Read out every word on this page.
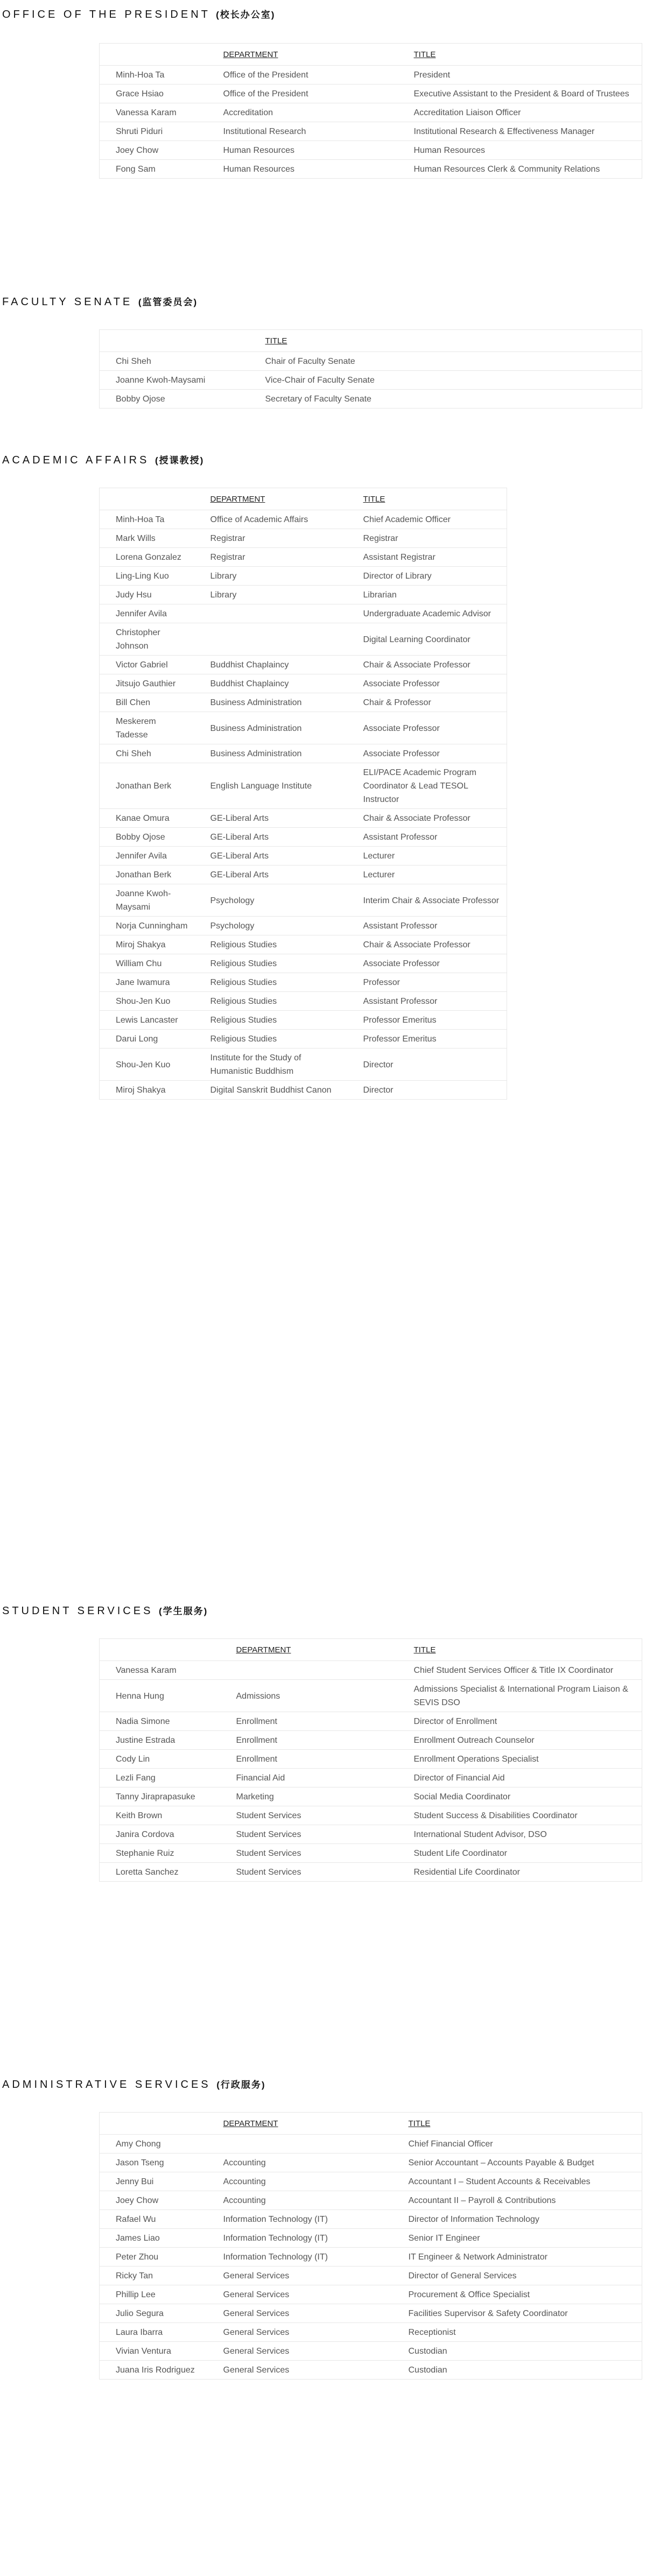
OFFICE OF THE PRESIDENT (校长办公室)
	DEPARTMENT	TITLE
Minh-Hoa Ta	Office of the President	President
Grace Hsiao	Office of the President	Executive Assistant to the President & Board of Trustees
Vanessa Karam	Accreditation	Accreditation Liaison Officer
Shruti Piduri	Institutional Research	Institutional Research & Effectiveness Manager
Joey Chow	Human Resources	Human Resources
Fong Sam	Human Resources	Human Resources Clerk & Community Relations
FACULTY SENATE (监管委员会)
	TITLE
Chi Sheh	Chair of Faculty Senate
Joanne Kwoh-Maysami	Vice-Chair of Faculty Senate
Bobby Ojose	Secretary of Faculty Senate
ACADEMIC AFFAIRS (授课教授)
	DEPARTMENT	TITLE
Minh-Hoa Ta	Office of Academic Affairs	Chief Academic Officer
Mark Wills	Registrar	Registrar
Lorena Gonzalez	Registrar	Assistant Registrar
Ling-Ling Kuo	Library	Director of Library
Judy Hsu	Library	Librarian
Jennifer Avila		Undergraduate Academic Advisor
Christopher Johnson		Digital Learning Coordinator
Victor Gabriel	Buddhist Chaplaincy	Chair & Associate Professor
Jitsujo Gauthier	Buddhist Chaplaincy	Associate Professor
Bill Chen	Business Administration	Chair & Professor
Meskerem Tadesse	Business Administration	Associate Professor
Chi Sheh	Business Administration	Associate Professor
Jonathan Berk	English Language Institute	ELI/PACE Academic Program Coordinator & Lead TESOL Instructor
Kanae Omura	GE-Liberal Arts	Chair & Associate Professor
Bobby Ojose	GE-Liberal Arts	Assistant Professor
Jennifer Avila	GE-Liberal Arts	Lecturer
Jonathan Berk	GE-Liberal Arts	Lecturer
Joanne Kwoh-Maysami	Psychology	Interim Chair & Associate Professor
Norja Cunningham	Psychology	Assistant Professor
Miroj Shakya	Religious Studies	Chair & Associate Professor
William Chu	Religious Studies	Associate Professor
Jane Iwamura	Religious Studies	Professor
Shou-Jen Kuo	Religious Studies	Assistant Professor
Lewis Lancaster	Religious Studies	Professor Emeritus
Darui Long	Religious Studies	Professor Emeritus
Shou-Jen Kuo	Institute for the Study of Humanistic Buddhism	Director
Miroj Shakya	Digital Sanskrit Buddhist Canon	Director
STUDENT SERVICES (学生服务)
	DEPARTMENT	TITLE
Vanessa Karam		Chief Student Services Officer & Title IX Coordinator
Henna Hung	Admissions	Admissions Specialist & International Program Liaison & SEVIS DSO
Nadia Simone	Enrollment	Director of Enrollment
Justine Estrada	Enrollment	Enrollment Outreach Counselor
Cody Lin	Enrollment	Enrollment Operations Specialist
Lezli Fang	Financial Aid	Director of Financial Aid
Tanny Jiraprapasuke	Marketing	Social Media Coordinator
Keith Brown	Student Services	Student Success & Disabilities Coordinator
Janira Cordova	Student Services	International Student Advisor, DSO
Stephanie Ruiz	Student Services	Student Life Coordinator
Loretta Sanchez	Student Services	Residential Life Coordinator
ADMINISTRATIVE SERVICES (行政服务)
	DEPARTMENT	TITLE
Amy Chong		Chief Financial Officer
Jason Tseng	Accounting	Senior Accountant – Accounts Payable & Budget
Jenny Bui	Accounting	Accountant I – Student Accounts & Receivables
Joey Chow	Accounting	Accountant II – Payroll & Contributions
Rafael Wu	Information Technology (IT)	Director of Information Technology
James Liao	Information Technology (IT)	Senior IT Engineer
Peter Zhou	Information Technology (IT)	IT Engineer & Network Administrator
Ricky Tan	General Services	Director of General Services
Phillip Lee	General Services	Procurement & Office Specialist
Julio Segura	General Services	Facilities Supervisor & Safety Coordinator
Laura Ibarra	General Services	Receptionist
Vivian Ventura	General Services	Custodian
Juana Iris Rodriguez	General Services	Custodian
